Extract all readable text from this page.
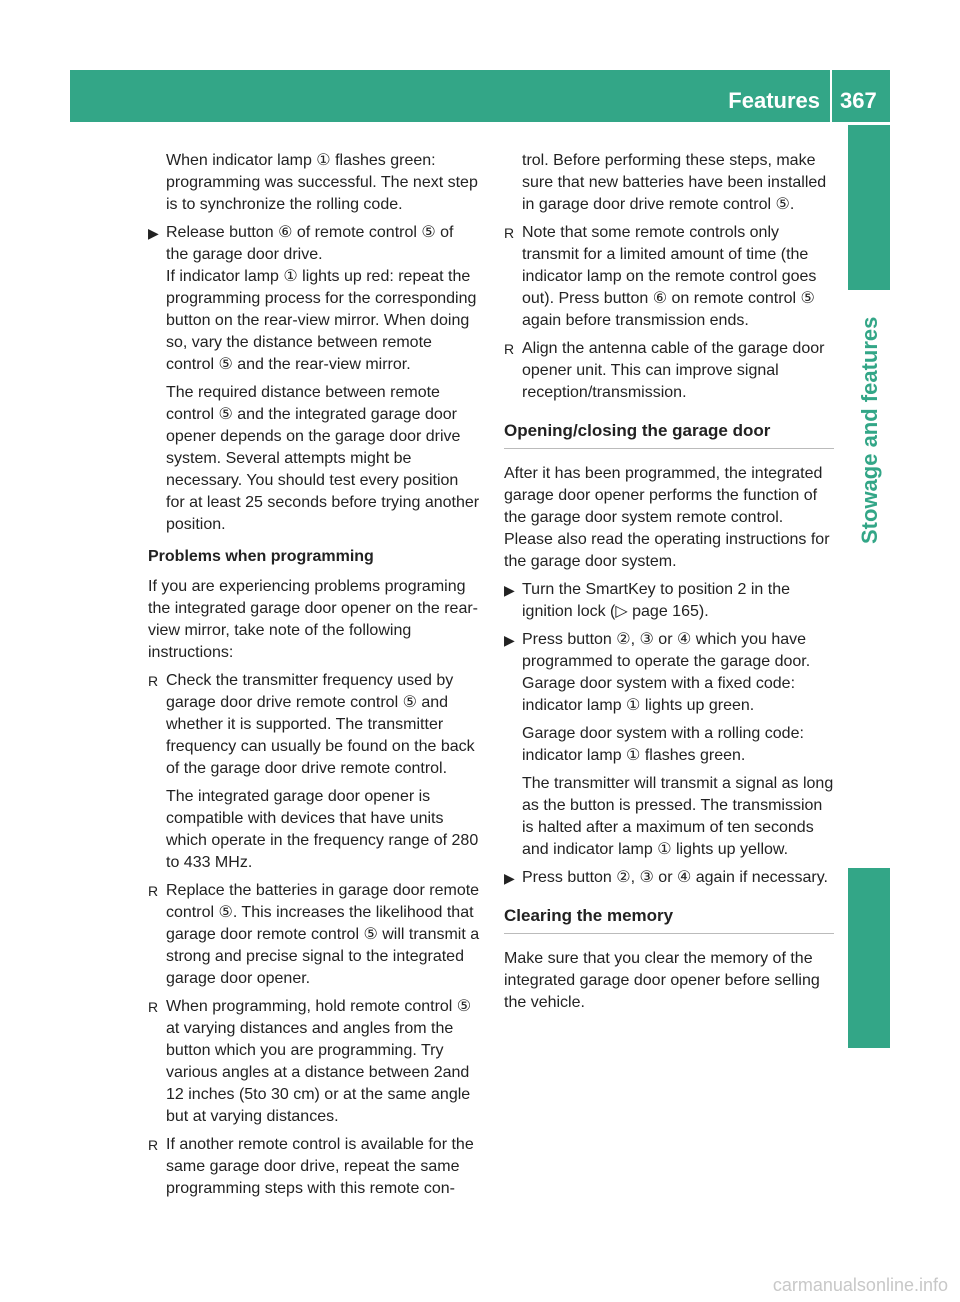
Features 367
Stowage and features

When indicator lamp ① flashes green: programming was successful. The next step is to synchronize the rolling code.

▶ Release button ⑥ of remote control ⑤ of the garage door drive.
If indicator lamp ① lights up red: repeat the programming process for the corresponding button on the rear-view mirror. When doing so, vary the distance between remote control ⑤ and the rear-view mirror.

The required distance between remote control ⑤ and the integrated garage door opener depends on the garage door drive system. Several attempts might be necessary. You should test every position for at least 25 seconds before trying another position.

Problems when programming

If you are experiencing problems programing the integrated garage door opener on the rear-view mirror, take note of the following instructions:

R Check the transmitter frequency used by garage door drive remote control ⑤ and whether it is supported. The transmitter frequency can usually be found on the back of the garage door drive remote control.

The integrated garage door opener is compatible with devices that have units which operate in the frequency range of 280 to 433 MHz.

R Replace the batteries in garage door remote control ⑤. This increases the likelihood that garage door remote control ⑤ will transmit a strong and precise signal to the integrated garage door opener.
R When programming, hold remote control ⑤ at varying distances and angles from the button which you are programming. Try various angles at a distance between 2and 12 inches (5to 30 cm) or at the same angle but at varying distances.
R If another remote control is available for the same garage door drive, repeat the same programming steps with this remote con-

trol. Before performing these steps, make sure that new batteries have been installed in garage door drive remote control ⑤.

R Note that some remote controls only transmit for a limited amount of time (the indicator lamp on the remote control goes out). Press button ⑥ on remote control ⑤ again before transmission ends.
R Align the antenna cable of the garage door opener unit. This can improve signal reception/transmission.
Opening/closing the garage door

After it has been programmed, the integrated garage door opener performs the function of the garage door system remote control. Please also read the operating instructions for the garage door system.

▶ Turn the SmartKey to position 2 in the ignition lock (▷ page 165).
▶ Press button ②, ③ or ④ which you have programmed to operate the garage door.
Garage door system with a fixed code: indicator lamp ① lights up green.

Garage door system with a rolling code: indicator lamp ① flashes green.

The transmitter will transmit a signal as long as the button is pressed. The transmission is halted after a maximum of ten seconds and indicator lamp ① lights up yellow.

▶ Press button ②, ③ or ④ again if necessary.
Clearing the memory

Make sure that you clear the memory of the integrated garage door opener before selling the vehicle.

carmanualsonline.info
